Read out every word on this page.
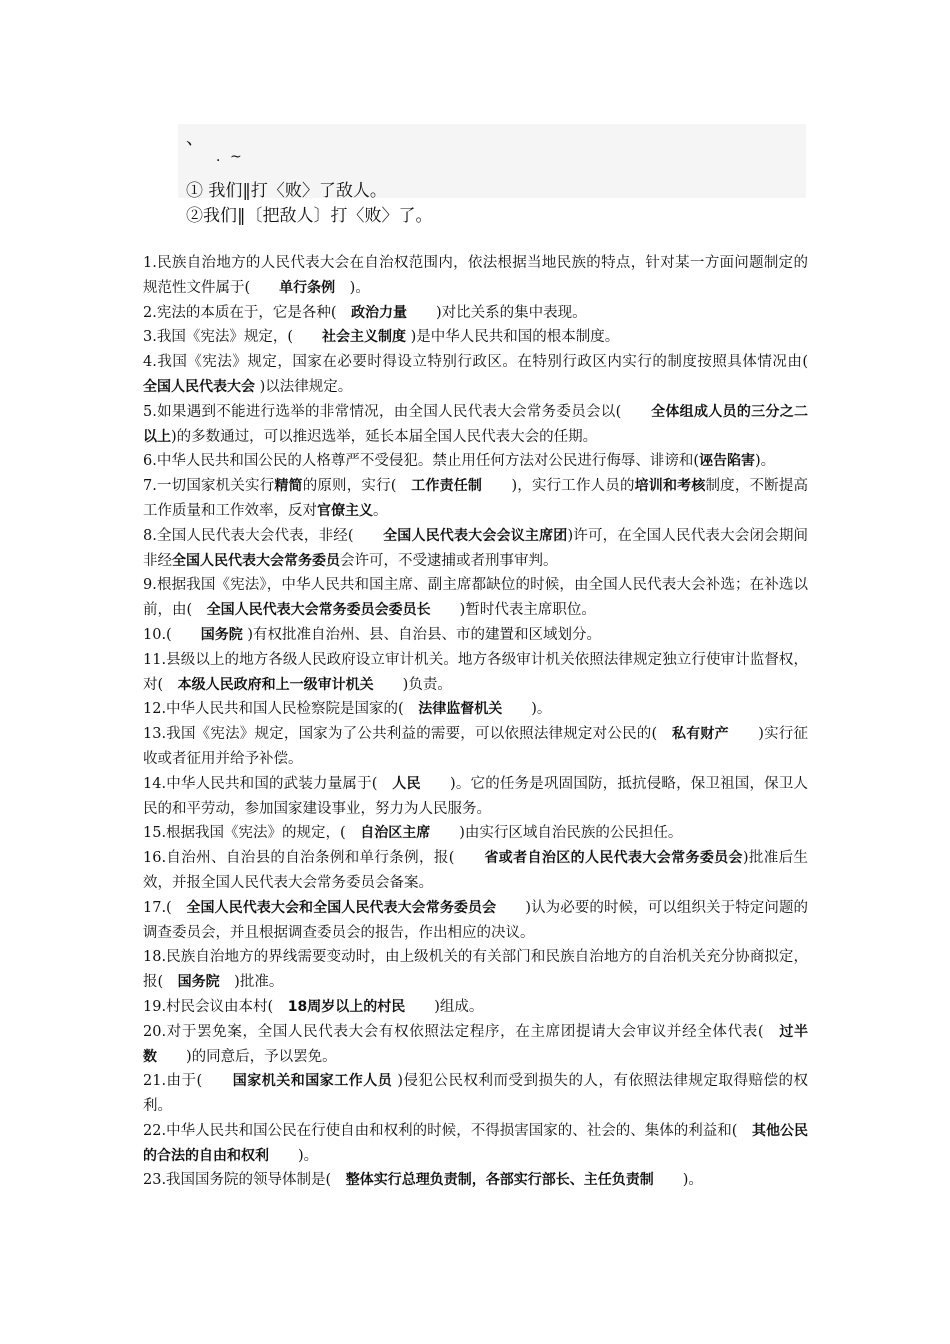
、
．~
① 我们‖打〈败〉了敌人。
②我们‖〔把敌人〕打〈败〉了。
1.民族自治地方的人民代表大会在自治权范围内，依法根据当地民族的特点，针对某一方面问题制定的规范性文件属于(　　单行条例　)。
2.宪法的本质在于，它是各种(　政治力量　　)对比关系的集中表现。
3.我国《宪法》规定，(　　社会主义制度 )是中华人民共和国的根本制度。
4.我国《宪法》规定，国家在必要时得设立特别行政区。在特别行政区内实行的制度按照具体情况由(　　全国人民代表大会 )以法律规定。
5.如果遇到不能进行选举的非常情况，由全国人民代表大会常务委员会以(　　全体组成人员的三分之二以上)的多数通过，可以推迟选举，延长本届全国人民代表大会的任期。
6.中华人民共和国公民的人格尊严不受侵犯。禁止用任何方法对公民进行侮辱、诽谤和(诬告陷害)。
7.一切国家机关实行精简的原则，实行(　工作责任制　　)，实行工作人员的培训和考核制度，不断提高工作质量和工作效率，反对官僚主义。
8.全国人民代表大会代表，非经(　　全国人民代表大会会议主席团)许可，在全国人民代表大会闭会期间非经全国人民代表大会常务委员会许可，不受逮捕或者刑事审判。
9.根据我国《宪法》，中华人民共和国主席、副主席都缺位的时候，由全国人民代表大会补选；在补选以前，由(　全国人民代表大会常务委员会委员长　　)暂时代表主席职位。
10.(　　国务院 )有权批准自治州、县、自治县、市的建置和区域划分。
11.县级以上的地方各级人民政府设立审计机关。地方各级审计机关依照法律规定独立行使审计监督权，对(　本级人民政府和上一级审计机关　　)负责。
12.中华人民共和国人民检察院是国家的(　法律监督机关　　)。
13.我国《宪法》规定，国家为了公共利益的需要，可以依照法律规定对公民的(　私有财产　　)实行征收或者征用并给予补偿。
14.中华人民共和国的武装力量属于(　人民　　)。它的任务是巩固国防，抵抗侵略，保卫祖国，保卫人民的和平劳动，参加国家建设事业，努力为人民服务。
15.根据我国《宪法》的规定，(　自治区主席　　)由实行区域自治民族的公民担任。
16.自治州、自治县的自治条例和单行条例，报(　　省或者自治区的人民代表大会常务委员会)批准后生效，并报全国人民代表大会常务委员会备案。
17.(　全国人民代表大会和全国人民代表大会常务委员会　　)认为必要的时候，可以组织关于特定问题的调查委员会，并且根据调查委员会的报告，作出相应的决议。
18.民族自治地方的界线需要变动时，由上级机关的有关部门和民族自治地方的自治机关充分协商拟定，报(　国务院　)批准。
19.村民会议由本村(　18周岁以上的村民　　)组成。
20.对于罢免案，全国人民代表大会有权依照法定程序，在主席团提请大会审议并经全体代表(　过半数　　)的同意后，予以罢免。
21.由于(　　国家机关和国家工作人员 )侵犯公民权利而受到损失的人，有依照法律规定取得赔偿的权利。
22.中华人民共和国公民在行使自由和权利的时候，不得损害国家的、社会的、集体的利益和(　其他公民的合法的自由和权利　　)。
23.我国国务院的领导体制是(　整体实行总理负责制，各部实行部长、主任负责制　　)。
